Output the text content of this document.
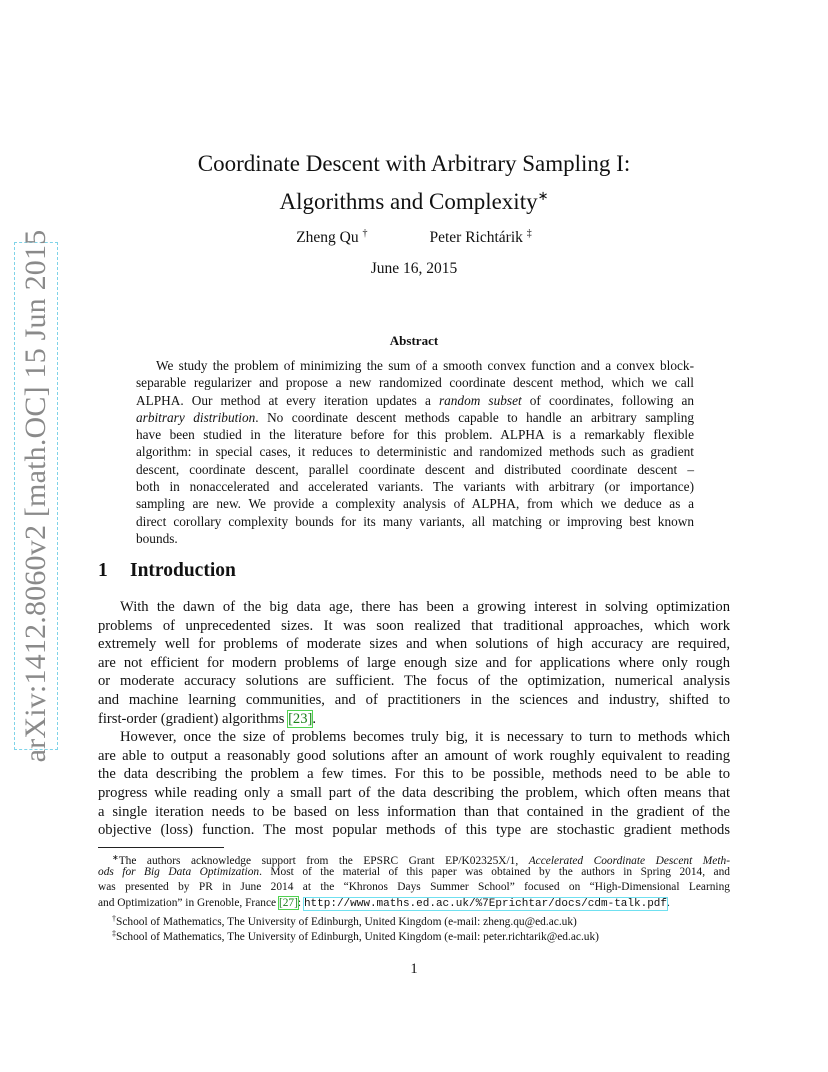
arXiv:1412.8060v2 [math.OC] 15 Jun 2015
Coordinate Descent with Arbitrary Sampling I:
Algorithms and Complexity∗
Zheng Qu †	Peter Richtárik ‡
June 16, 2015
Abstract
We study the problem of minimizing the sum of a smooth convex function and a convex block-
separable regularizer and propose a new randomized coordinate descent method, which we call
ALPHA. Our method at every iteration updates a random subset of coordinates, following an
arbitrary distribution. No coordinate descent methods capable to handle an arbitrary sampling
have been studied in the literature before for this problem. ALPHA is a remarkably flexible
algorithm: in special cases, it reduces to deterministic and randomized methods such as gradient
descent, coordinate descent, parallel coordinate descent and distributed coordinate descent –
both in nonaccelerated and accelerated variants. The variants with arbitrary (or importance)
sampling are new. We provide a complexity analysis of ALPHA, from which we deduce as a
direct corollary complexity bounds for its many variants, all matching or improving best known
bounds.
1 Introduction
With the dawn of the big data age, there has been a growing interest in solving optimization
problems of unprecedented sizes. It was soon realized that traditional approaches, which work
extremely well for problems of moderate sizes and when solutions of high accuracy are required,
are not efficient for modern problems of large enough size and for applications where only rough
or moderate accuracy solutions are sufficient. The focus of the optimization, numerical analysis
and machine learning communities, and of practitioners in the sciences and industry, shifted to
first-order (gradient) algorithms [23].
However, once the size of problems becomes truly big, it is necessary to turn to methods which
are able to output a reasonably good solutions after an amount of work roughly equivalent to reading
the data describing the problem a few times. For this to be possible, methods need to be able to
progress while reading only a small part of the data describing the problem, which often means that
a single iteration needs to be based on less information than that contained in the gradient of the
objective (loss) function. The most popular methods of this type are stochastic gradient methods
∗The authors acknowledge support from the EPSRC Grant EP/K02325X/1, Accelerated Coordinate Descent Meth-
ods for Big Data Optimization. Most of the material of this paper was obtained by the authors in Spring 2014, and
was presented by PR in June 2014 at the “Khronos Days Summer School” focused on “High-Dimensional Learning
and Optimization” in Grenoble, France [27]: http://www.maths.ed.ac.uk/%7Eprichtar/docs/cdm-talk.pdf.
†School of Mathematics, The University of Edinburgh, United Kingdom (e-mail: zheng.qu@ed.ac.uk)
‡School of Mathematics, The University of Edinburgh, United Kingdom (e-mail: peter.richtarik@ed.ac.uk)
1
